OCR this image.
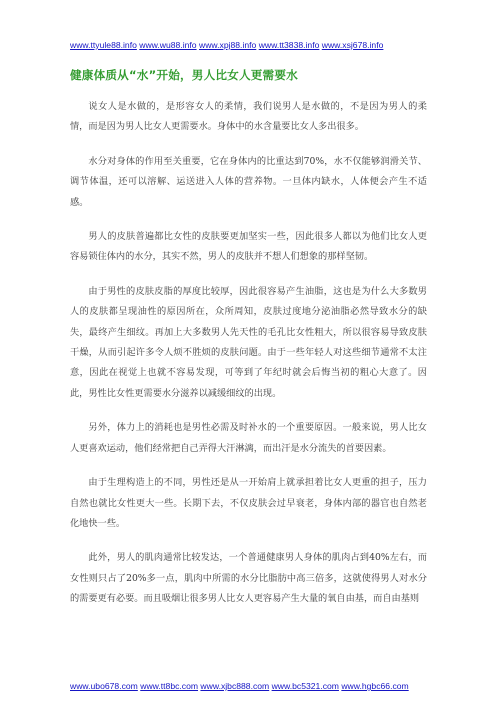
www.ttyule88.info www.wu88.info www.xpj88.info www.tt3838.info www.xsj678.info
健康体质从“水”开始，男人比女人更需要水

说女人是水做的，是形容女人的柔情，我们说男人是水做的，不是因为男人的柔情，而是因为男人比女人更需要水。身体中的水含量要比女人多出很多。

水分对身体的作用至关重要，它在身体内的比重达到70%，水不仅能够润滑关节、调节体温，还可以溶解、运送进入人体的营养物。一旦体内缺水，人体便会产生不适感。

男人的皮肤普遍都比女性的皮肤要更加坚实一些，因此很多人都以为他们比女人更容易锁住体内的水分，其实不然，男人的皮肤并不想人们想象的那样坚韧。

由于男性的皮肤皮脂的厚度比较厚，因此很容易产生油脂，这也是为什么大多数男人的皮肤都呈现油性的原因所在，众所周知，皮肤过度地分泌油脂必然导致水分的缺失，最终产生细纹。再加上大多数男人先天性的毛孔比女性粗大，所以很容易导致皮肤干燥，从而引起许多令人烦不胜烦的皮肤问题。由于一些年轻人对这些细节通常不太注意，因此在视觉上也就不容易发现，可等到了年纪时就会后悔当初的粗心大意了。因此，男性比女性更需要水分滋养以减缓细纹的出现。

另外，体力上的消耗也是男性必需及时补水的一个重要原因。一般来说，男人比女人更喜欢运动，他们经常把自己弄得大汗淋漓，而出汗是水分流失的首要因素。

由于生理构造上的不同，男性还是从一开始肩上就承担着比女人更重的担子，压力自然也就比女性更大一些。长期下去，不仅皮肤会过早衰老，身体内部的器官也自然老化地快一些。

此外，男人的肌肉通常比较发达，一个普通健康男人身体的肌肉占到40%左右，而女性则只占了20%多一点，肌肉中所需的水分比脂肪中高三倍多，这就使得男人对水分的需要更有必要。而且吸烟让很多男人比女人更容易产生大量的氧自由基，而自由基则

www.ubo678.com www.tt8bc.com www.xjbc888.com www.bc5321.com www.hgbc66.com
